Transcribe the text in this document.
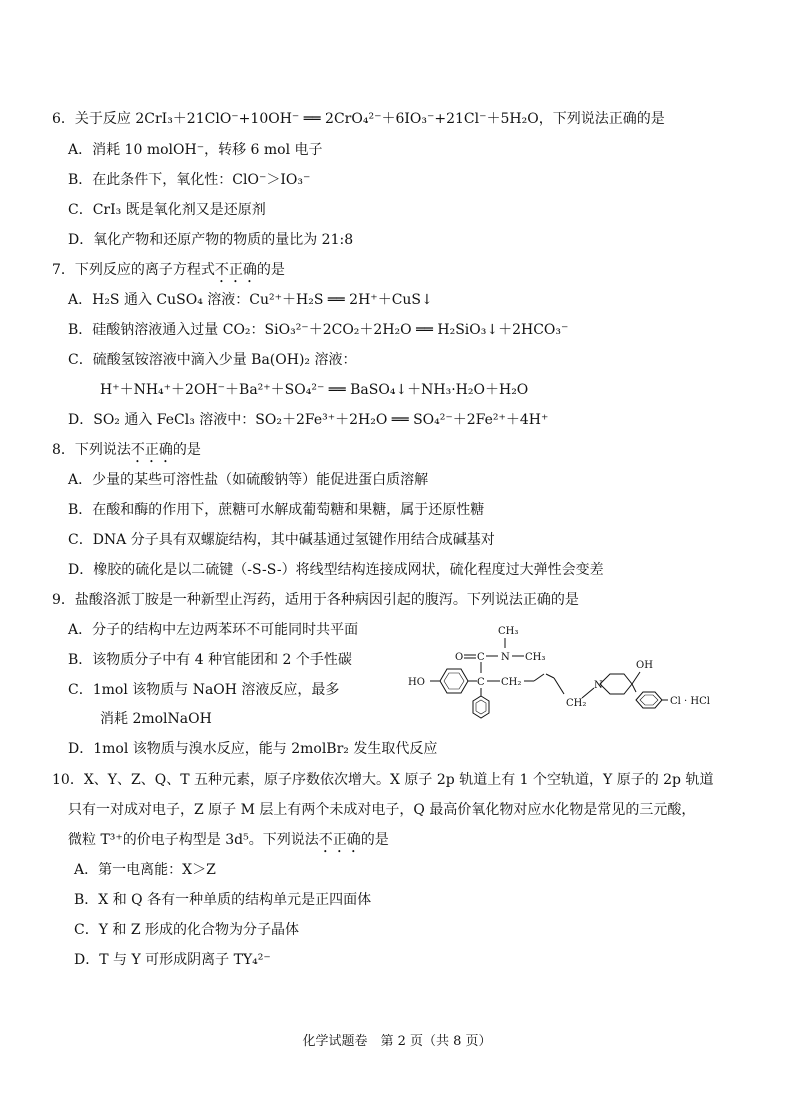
6．关于反应 2CrI₃＋21ClO⁻+10OH⁻ ══ 2CrO₄²⁻＋6IO₃⁻+21Cl⁻＋5H₂O，下列说法正确的是
A．消耗 10 molOH⁻，转移 6 mol 电子
B．在此条件下，氧化性：ClO⁻＞IO₃⁻
C．CrI₃ 既是氧化剂又是还原剂
D．氧化产物和还原产物的物质的量比为 21:8
7．下列反应的离子方程式不正确的是
A．H₂S 通入 CuSO₄ 溶液：Cu²⁺＋H₂S ══ 2H⁺＋CuS↓
B．硅酸钠溶液通入过量 CO₂：SiO₃²⁻＋2CO₂＋2H₂O ══ H₂SiO₃↓＋2HCO₃⁻
C．硫酸氢铵溶液中滴入少量 Ba(OH)₂ 溶液：
H⁺＋NH₄⁺＋2OH⁻＋Ba²⁺＋SO₄²⁻ ══ BaSO₄↓＋NH₃·H₂O＋H₂O
D．SO₂ 通入 FeCl₃ 溶液中：SO₂＋2Fe³⁺＋2H₂O ══ SO₄²⁻＋2Fe²⁺＋4H⁺
8．下列说法不正确的是
A．少量的某些可溶性盐（如硫酸钠等）能促进蛋白质溶解
B．在酸和酶的作用下，蔗糖可水解成葡萄糖和果糖，属于还原性糖
C．DNA 分子具有双螺旋结构，其中碱基通过氢键作用结合成碱基对
D．橡胶的硫化是以二硫键（-S-S-）将线型结构连接成网状，硫化程度过大弹性会变差
9．盐酸洛派丁胺是一种新型止泻药，适用于各种病因引起的腹泻。下列说法正确的是
A．分子的结构中左边两苯环不可能同时共平面
B．该物质分子中有 4 种官能团和 2 个手性碳
C．1mol 该物质与 NaOH 溶液反应，最多
消耗 2molNaOH
D．1mol 该物质与溴水反应，能与 2molBr₂ 发生取代反应
HO	C
O C N
CH₃
CH₃
CH₂
CH₂
N
OH
Cl · HCl
10．X、Y、Z、Q、T 五种元素，原子序数依次增大。X 原子 2p 轨道上有 1 个空轨道，Y 原子的 2p 轨道
只有一对成对电子，Z 原子 M 层上有两个未成对电子，Q 最高价氧化物对应水化物是常见的三元酸，
微粒 T³⁺的价电子构型是 3d⁵。下列说法不正确的是
A．第一电离能：X＞Z
B．X 和 Q 各有一种单质的结构单元是正四面体
C．Y 和 Z 形成的化合物为分子晶体
D．T 与 Y 可形成阴离子 TY₄²⁻
化学试题卷　第 2 页（共 8 页）
